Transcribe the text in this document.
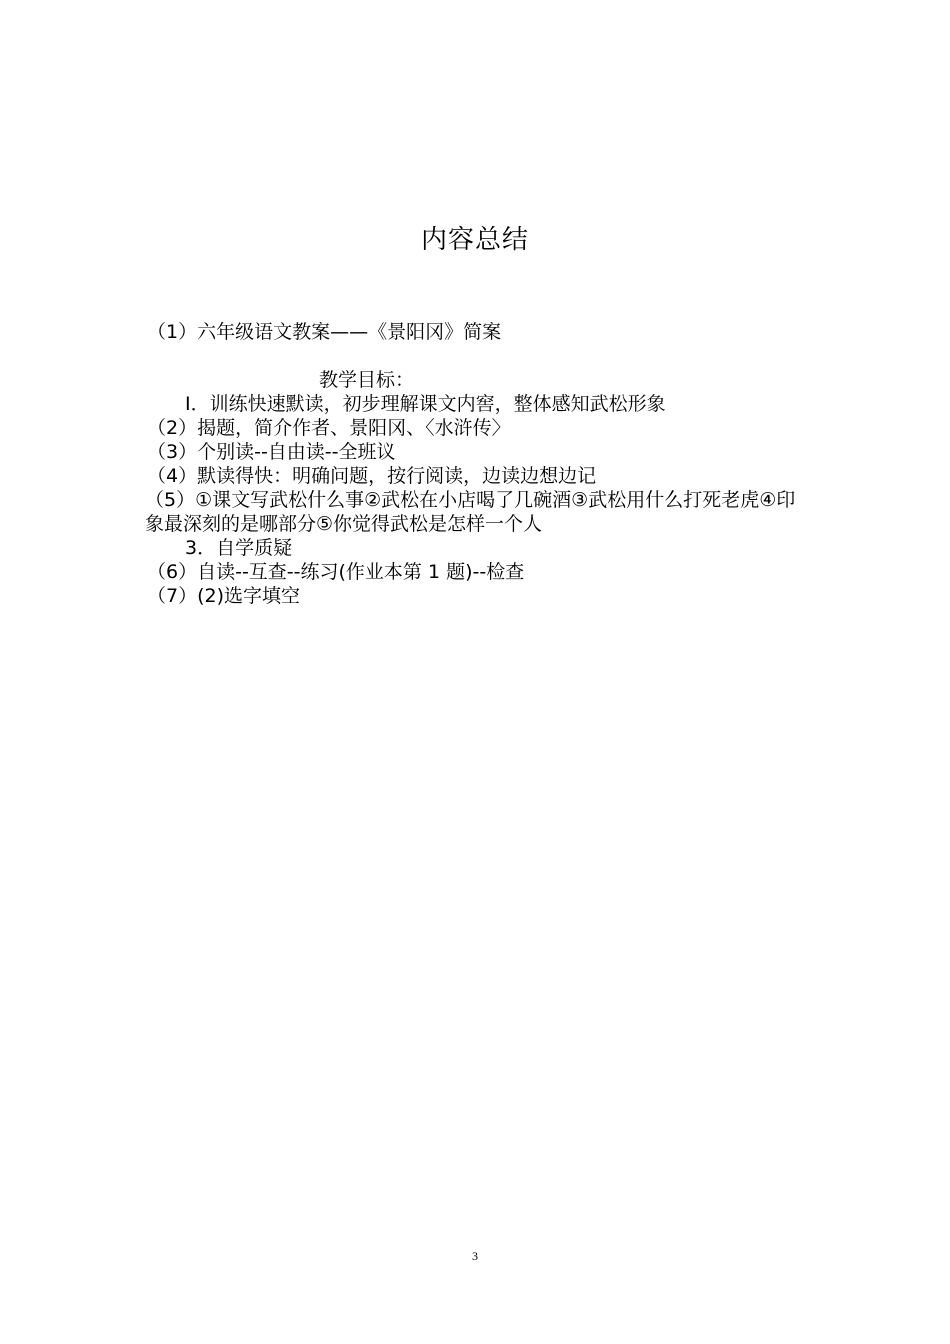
内容总结
（1）六年级语文教案——《景阳冈》简案
教学目标：
I．训练快速默读，初步理解课文内窖，整体感知武松形象
（2）揭题，简介作者、景阳冈、〈水浒传〉
（3）个别读--自由读--全班议
（4）默读得快：明确问题，按行阅读，边读边想边记
（5）①课文写武松什么事②武松在小店喝了几碗酒③武松用什么打死老虎④印象最深刻的是哪部分⑤你觉得武松是怎样一个人
3．自学质疑
（6）自读--互查--练习(作业本第 1 题)--检查
（7）(2)选字填空
3
